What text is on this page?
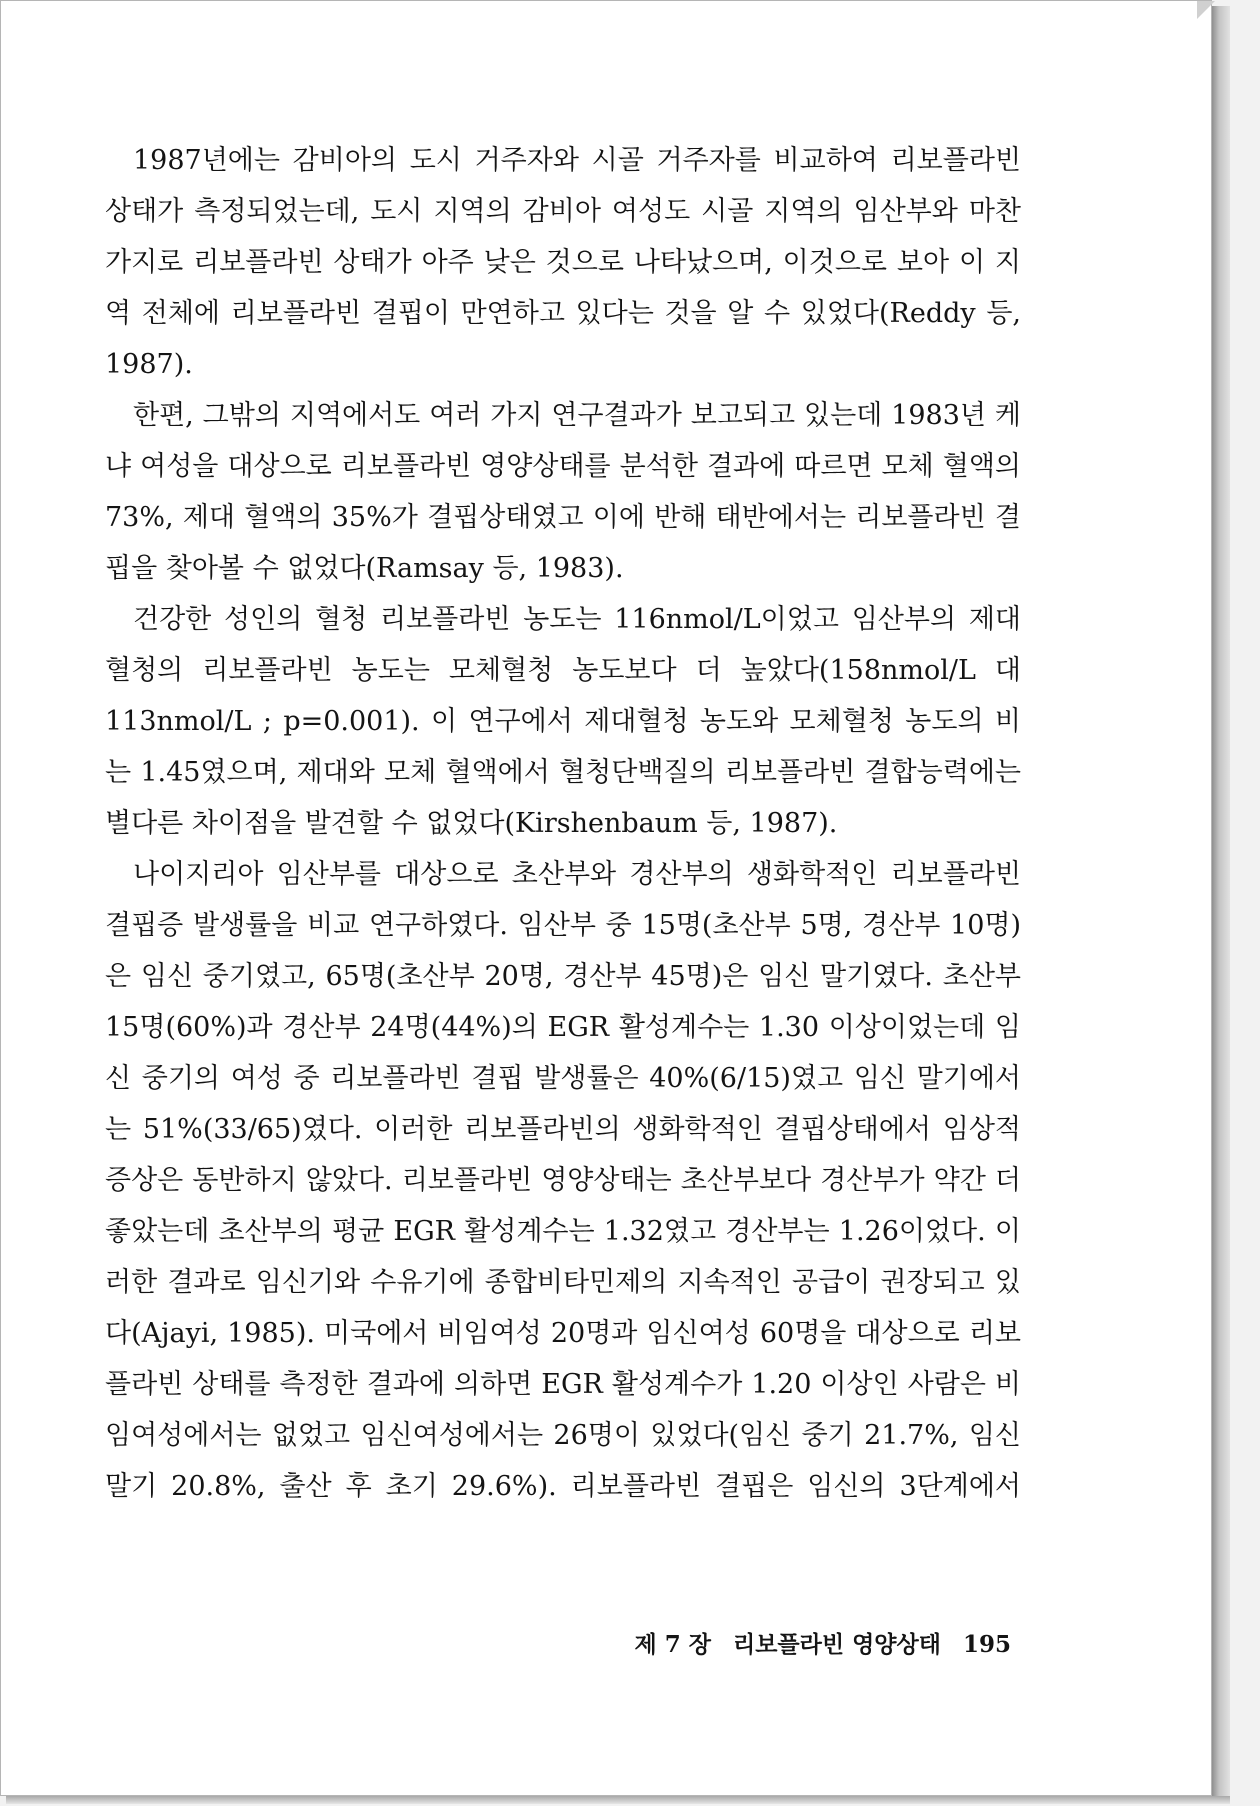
1987년에는 감비아의 도시 거주자와 시골 거주자를 비교하여 리보플라빈 상태가 측정되었는데, 도시 지역의 감비아 여성도 시골 지역의 임산부와 마찬가지로 리보플라빈 상태가 아주 낮은 것으로 나타났으며, 이것으로 보아 이 지역 전체에 리보플라빈 결핍이 만연하고 있다는 것을 알 수 있었다(Reddy 등, 1987).

한편, 그밖의 지역에서도 여러 가지 연구결과가 보고되고 있는데 1983년 케냐 여성을 대상으로 리보플라빈 영양상태를 분석한 결과에 따르면 모체 혈액의 73%, 제대 혈액의 35%가 결핍상태였고 이에 반해 태반에서는 리보플라빈 결핍을 찾아볼 수 없었다(Ramsay 등, 1983).

건강한 성인의 혈청 리보플라빈 농도는 116nmol/L이었고 임산부의 제대 혈청의 리보플라빈 농도는 모체혈청 농도보다 더 높았다(158nmol/L 대 113nmol/L ; p=0.001). 이 연구에서 제대혈청 농도와 모체혈청 농도의 비는 1.45였으며, 제대와 모체 혈액에서 혈청단백질의 리보플라빈 결합능력에는 별다른 차이점을 발견할 수 없었다(Kirshenbaum 등, 1987).

나이지리아 임산부를 대상으로 초산부와 경산부의 생화학적인 리보플라빈 결핍증 발생률을 비교 연구하였다. 임산부 중 15명(초산부 5명, 경산부 10명)은 임신 중기였고, 65명(초산부 20명, 경산부 45명)은 임신 말기였다. 초산부 15명(60%)과 경산부 24명(44%)의 EGR 활성계수는 1.30 이상이었는데 임신 중기의 여성 중 리보플라빈 결핍 발생률은 40%(6/15)였고 임신 말기에서는 51%(33/65)였다. 이러한 리보플라빈의 생화학적인 결핍상태에서 임상적 증상은 동반하지 않았다. 리보플라빈 영양상태는 초산부보다 경산부가 약간 더 좋았는데 초산부의 평균 EGR 활성계수는 1.32였고 경산부는 1.26이었다. 이러한 결과로 임신기와 수유기에 종합비타민제의 지속적인 공급이 권장되고 있다(Ajayi, 1985). 미국에서 비임여성 20명과 임신여성 60명을 대상으로 리보플라빈 상태를 측정한 결과에 의하면 EGR 활성계수가 1.20 이상인 사람은 비임여성에서는 없었고 임신여성에서는 26명이 있었다(임신 중기 21.7%, 임신 말기 20.8%, 출산 후 초기 29.6%). 리보플라빈 결핍은 임신의 3단계에서

제 7 장 리보플라빈 영양상태 195
